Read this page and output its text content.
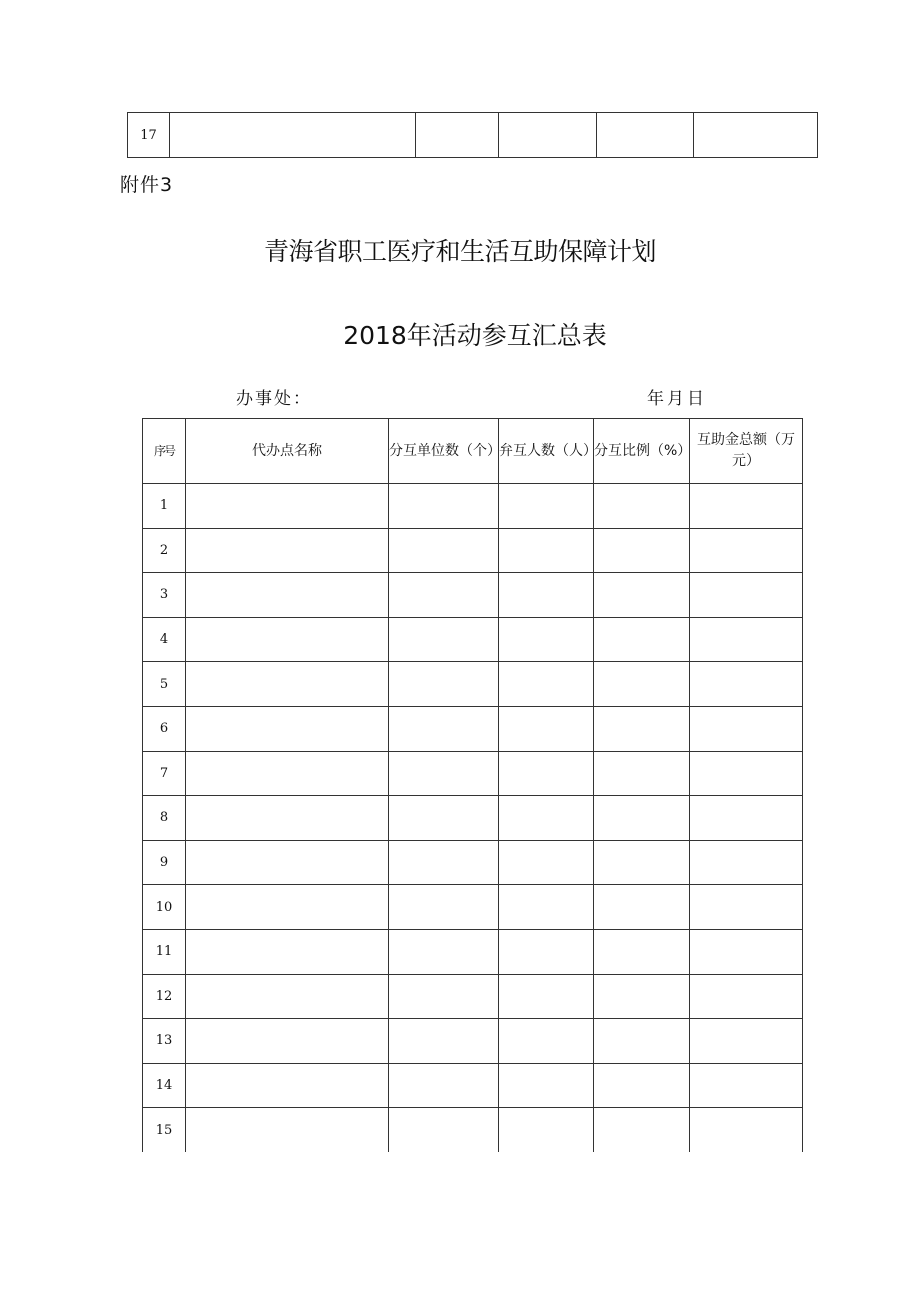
17					
附件3
青海省职工医疗和生活互助保障计划
2018年活动参互汇总表
办事处：	年月日
序号	代办点名称	分互单位数（个）	弁互人数（人）	分互比例（%）	互助金总额（万元）
1					
2					
3					
4					
5					
6					
7					
8					
9					
10					
11					
12					
13					
14					
15					
